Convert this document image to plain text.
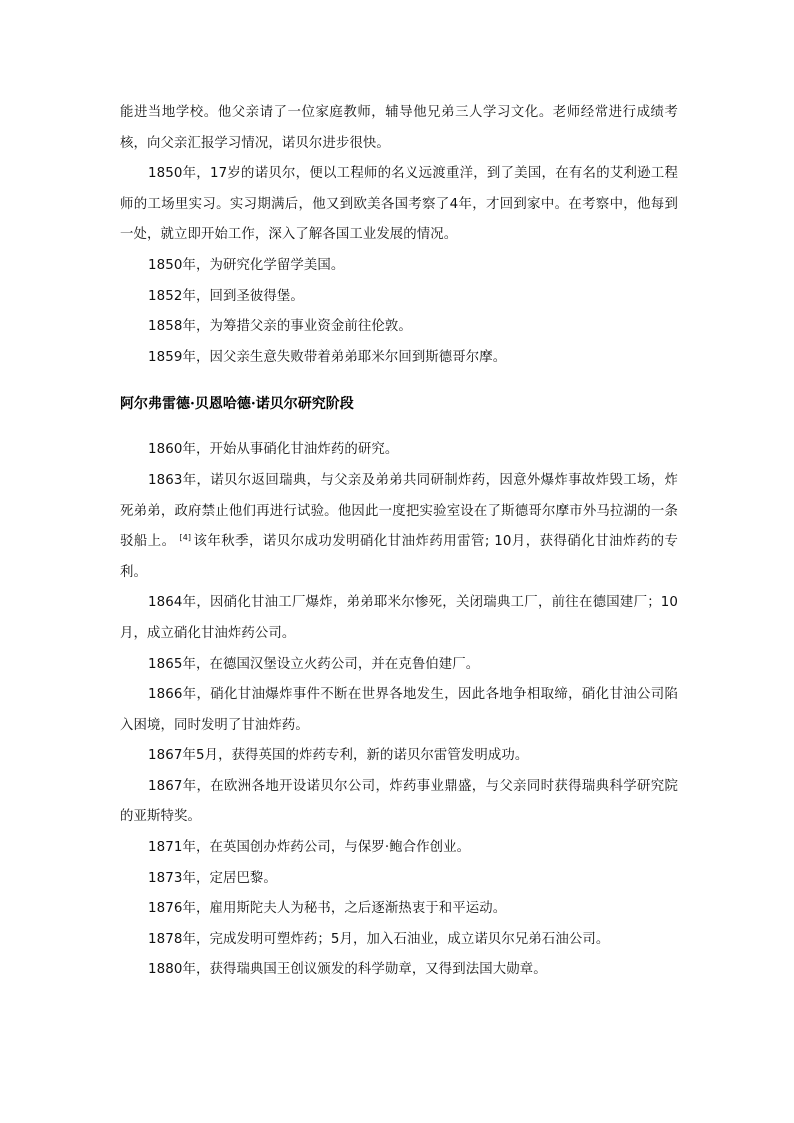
能进当地学校。他父亲请了一位家庭教师，辅导他兄弟三人学习文化。老师经常进行成绩考核，向父亲汇报学习情况，诺贝尔进步很快。

1850年，17岁的诺贝尔，便以工程师的名义远渡重洋，到了美国，在有名的艾利逊工程师的工场里实习。实习期满后，他又到欧美各国考察了4年，才回到家中。在考察中，他每到一处，就立即开始工作，深入了解各国工业发展的情况。

1850年，为研究化学留学美国。

1852年，回到圣彼得堡。

1858年，为筹措父亲的事业资金前往伦敦。

1859年，因父亲生意失败带着弟弟耶米尔回到斯德哥尔摩。

阿尔弗雷德·贝恩哈德·诺贝尔研究阶段

1860年，开始从事硝化甘油炸药的研究。

1863年，诺贝尔返回瑞典，与父亲及弟弟共同研制炸药，因意外爆炸事故炸毁工场，炸死弟弟，政府禁止他们再进行试验。他因此一度把实验室设在了斯德哥尔摩市外马拉湖的一条驳船上。 [4] 该年秋季，诺贝尔成功发明硝化甘油炸药用雷管; 10月，获得硝化甘油炸药的专利。

1864年，因硝化甘油工厂爆炸，弟弟耶米尔惨死，关闭瑞典工厂，前往在德国建厂；10月，成立硝化甘油炸药公司。

1865年，在德国汉堡设立火药公司，并在克鲁伯建厂。

1866年，硝化甘油爆炸事件不断在世界各地发生，因此各地争相取缔，硝化甘油公司陷入困境，同时发明了甘油炸药。

1867年5月，获得英国的炸药专利，新的诺贝尔雷管发明成功。

1867年，在欧洲各地开设诺贝尔公司，炸药事业鼎盛，与父亲同时获得瑞典科学研究院的亚斯特奖。

1871年，在英国创办炸药公司，与保罗·鲍合作创业。

1873年，定居巴黎。

1876年，雇用斯陀夫人为秘书，之后逐渐热衷于和平运动。

1878年，完成发明可塑炸药；5月，加入石油业，成立诺贝尔兄弟石油公司。

1880年，获得瑞典国王创议颁发的科学勋章，又得到法国大勋章。
